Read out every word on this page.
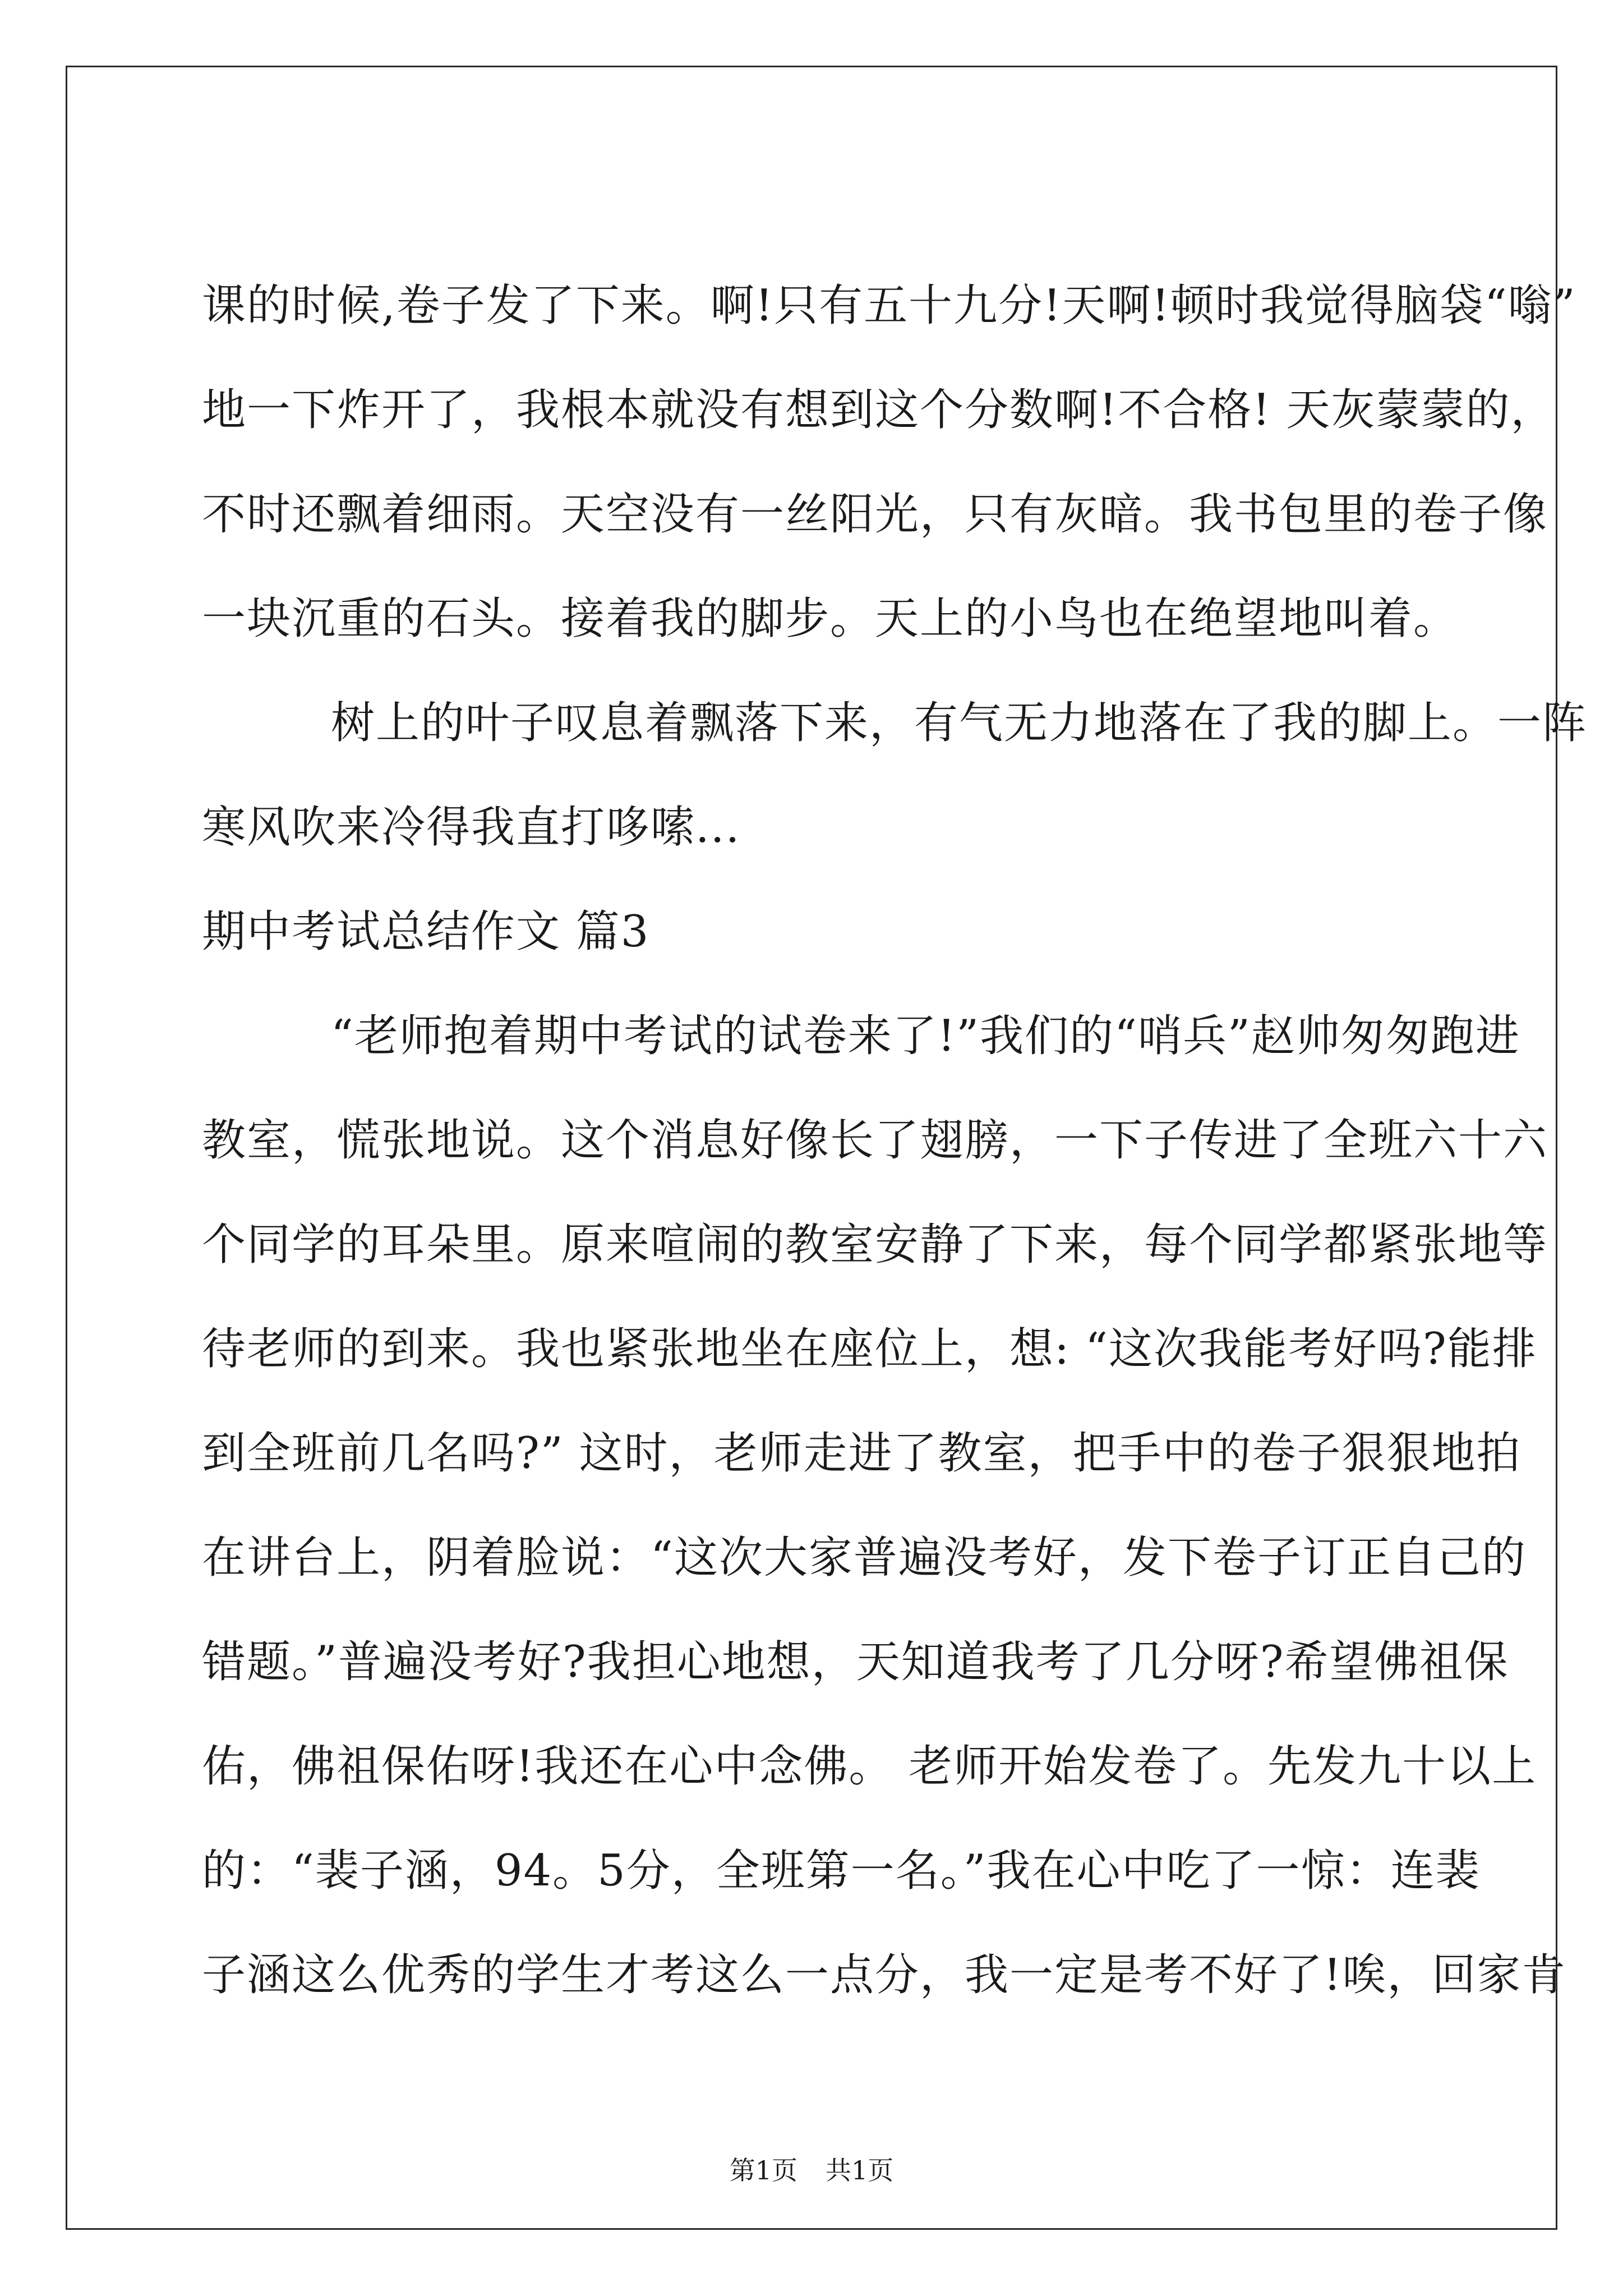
课的时候,卷子发了下来。啊!只有五十九分!天啊!顿时我觉得脑袋“嗡”
地一下炸开了，我根本就没有想到这个分数啊!不合格! 天灰蒙蒙的，
不时还飘着细雨。天空没有一丝阳光，只有灰暗。我书包里的卷子像
一块沉重的石头。接着我的脚步。天上的小鸟也在绝望地叫着。
树上的叶子叹息着飘落下来，有气无力地落在了我的脚上。一阵
寒风吹来冷得我直打哆嗦...
期中考试总结作文 篇3
“老师抱着期中考试的试卷来了!”我们的“哨兵”赵帅匆匆跑进
教室，慌张地说。这个消息好像长了翅膀，一下子传进了全班六十六
个同学的耳朵里。原来喧闹的教室安静了下来，每个同学都紧张地等
待老师的到来。我也紧张地坐在座位上，想: “这次我能考好吗?能排
到全班前几名吗?” 这时，老师走进了教室，把手中的卷子狠狠地拍
在讲台上，阴着脸说：“这次大家普遍没考好，发下卷子订正自己的
错题。”普遍没考好?我担心地想，天知道我考了几分呀?希望佛祖保
佑，佛祖保佑呀!我还在心中念佛。 老师开始发卷了。先发九十以上
的：“裴子涵，94。5分，全班第一名。”我在心中吃了一惊：连裴
子涵这么优秀的学生才考这么一点分，我一定是考不好了!唉，回家肯
第1页 共1页
